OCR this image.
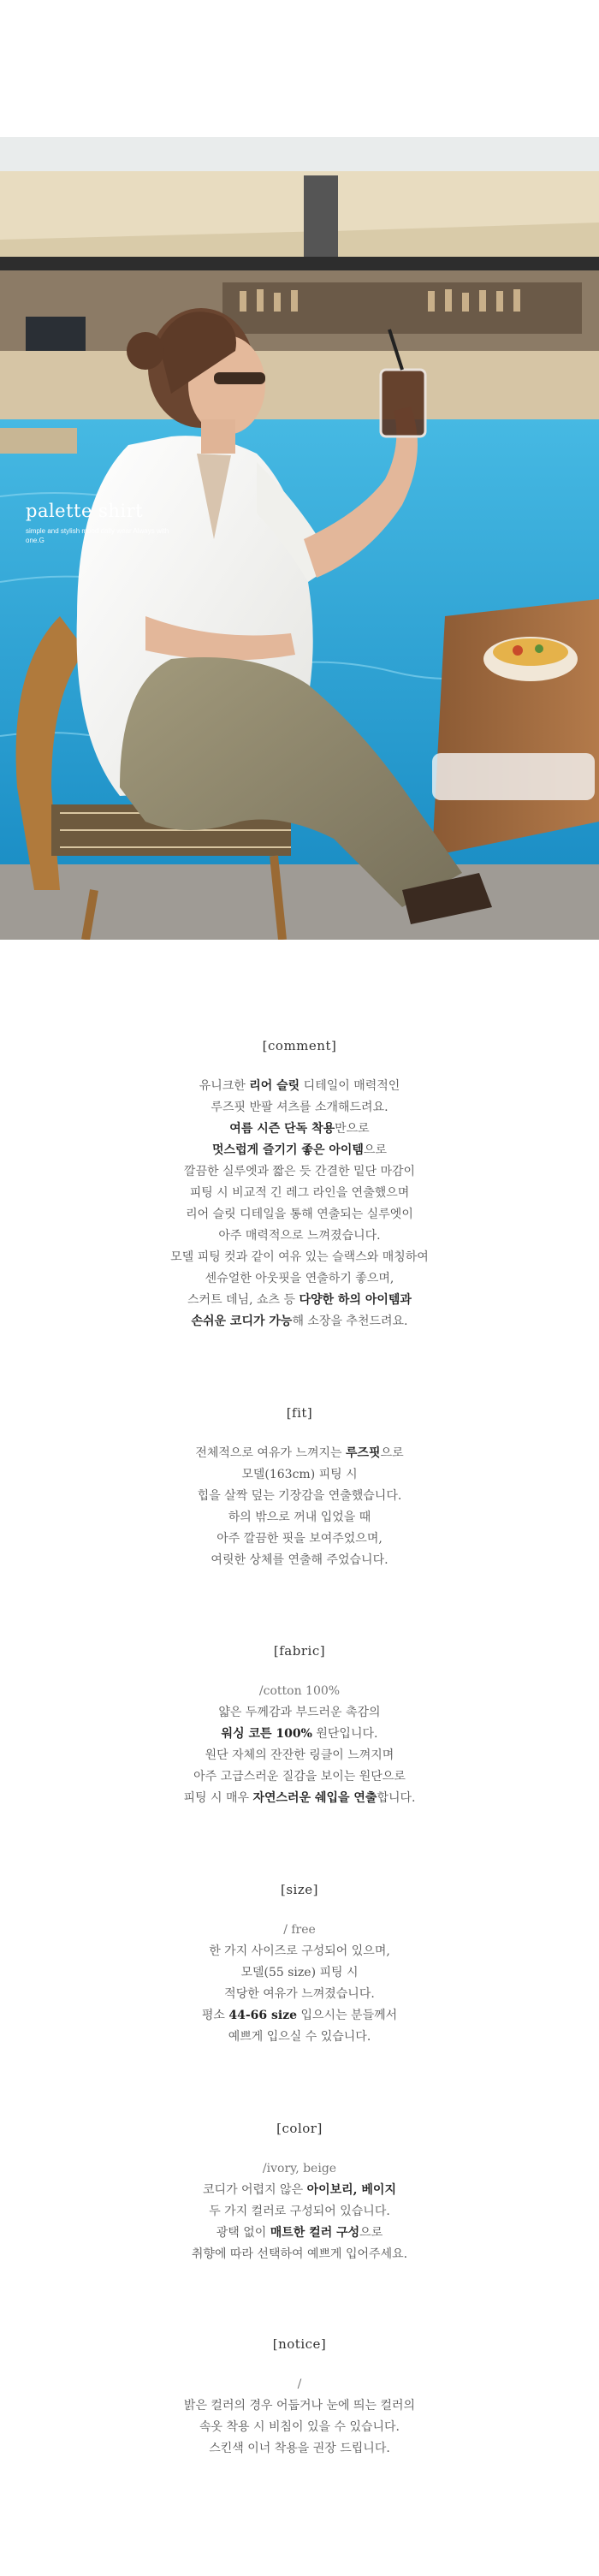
palette shirt
simple and stylish mood daily wear Always with one.G
[comment]
유니크한 리어 슬릿 디테일이 매력적인
루즈핏 반팔 셔츠를 소개해드려요.
여름 시즌 단독 착용만으로
멋스럽게 즐기기 좋은 아이템으로
깔끔한 실루엣과 짧은 듯 간결한 밑단 마감이
피팅 시 비교적 긴 레그 라인을 연출했으며
리어 슬릿 디테일을 통해 연출되는 실루엣이
아주 매력적으로 느껴졌습니다.
모델 피팅 컷과 같이 여유 있는 슬랙스와 매칭하여
센슈얼한 아웃핏을 연출하기 좋으며,
스커트 데님, 쇼츠 등 다양한 하의 아이템과
손쉬운 코디가 가능해 소장을 추천드려요.
[fit]
전체적으로 여유가 느껴지는 루즈핏으로
모델(163cm) 피팅 시
힙을 살짝 덮는 기장감을 연출했습니다.
하의 밖으로 꺼내 입었을 때
아주 깔끔한 핏을 보여주었으며,
여릿한 상체를 연출해 주었습니다.
[fabric]
/cotton 100%
얇은 두께감과 부드러운 촉감의
워싱 코튼 100% 원단입니다.
원단 자체의 잔잔한 링클이 느껴지며
아주 고급스러운 질감을 보이는 원단으로
피팅 시 매우 자연스러운 쉐입을 연출합니다.
[size]
/ free
한 가지 사이즈로 구성되어 있으며,
모델(55 size) 피팅 시
적당한 여유가 느껴졌습니다.
평소 44-66 size 입으시는 분들께서
예쁘게 입으실 수 있습니다.
[color]
/ivory, beige
코디가 어렵지 않은 아이보리, 베이지
두 가지 컬러로 구성되어 있습니다.
광택 없이 매트한 컬러 구성으로
취향에 따라 선택하여 예쁘게 입어주세요.
[notice]
/
밝은 컬러의 경우 어둡거나 눈에 띄는 컬러의
속옷 착용 시 비침이 있을 수 있습니다.
스킨색 이너 착용을 권장 드립니다.
